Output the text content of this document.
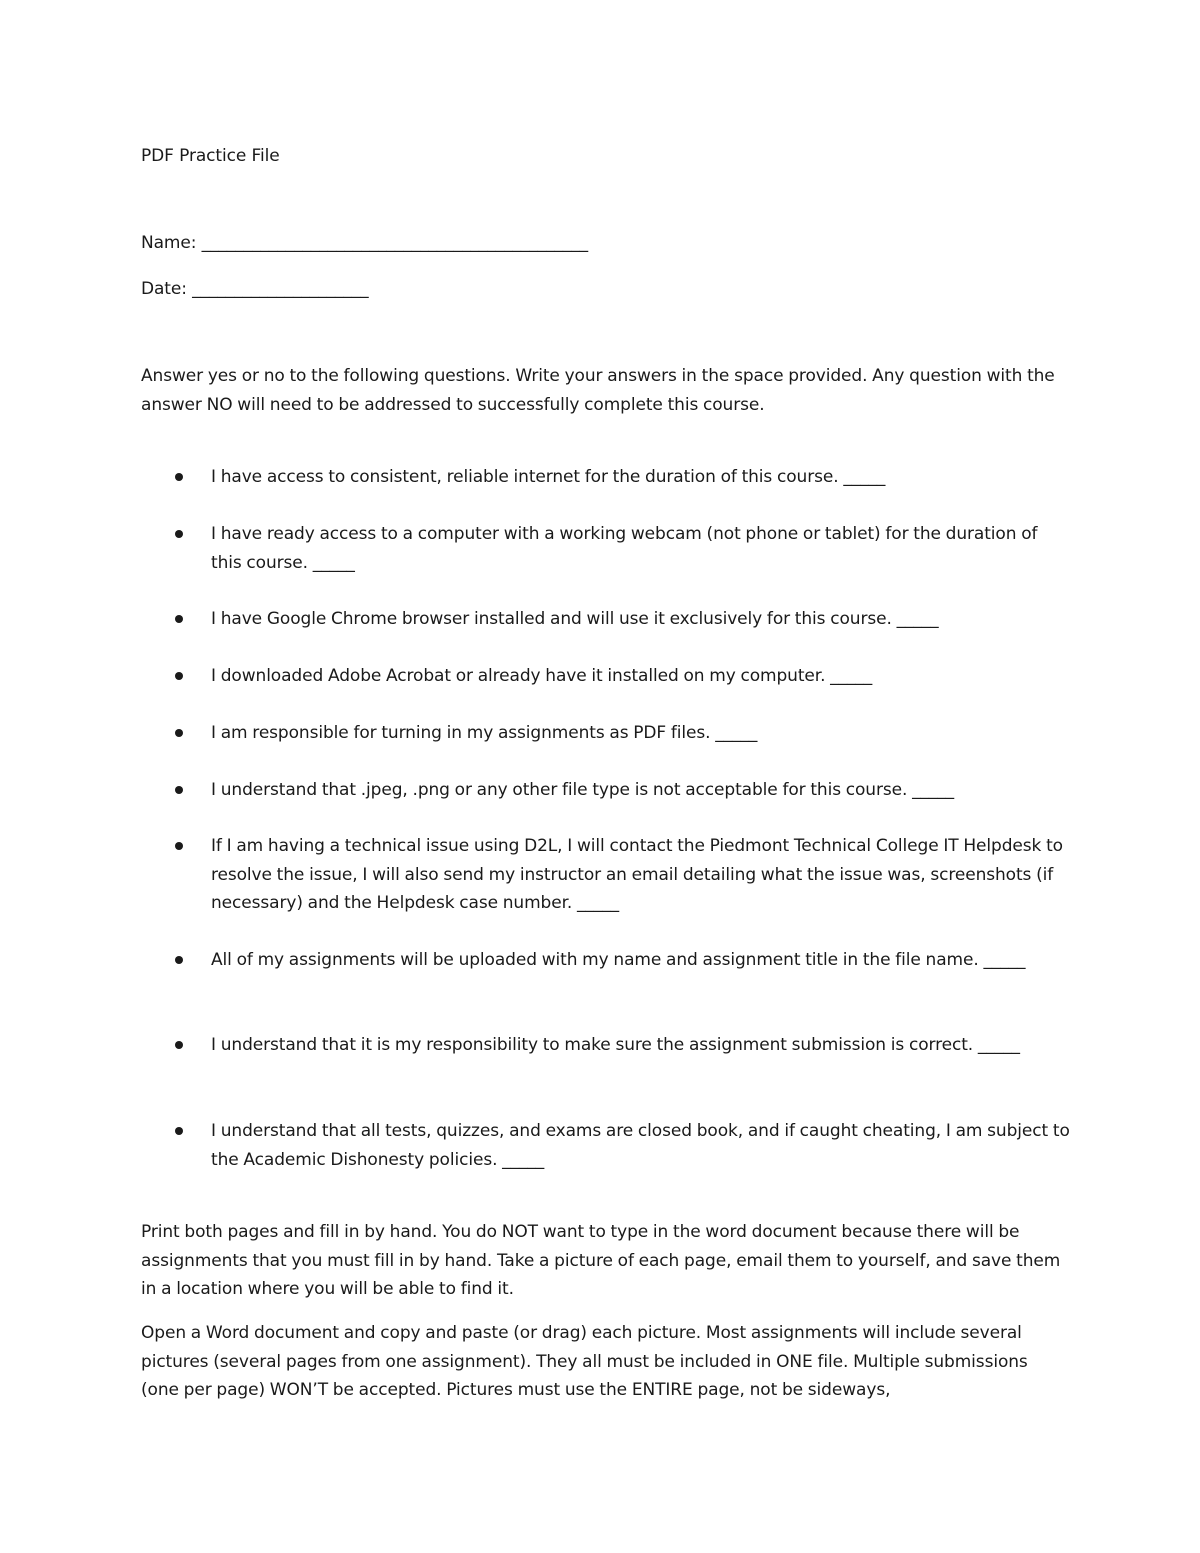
PDF Practice File
Name: ______________________________________________
Date: _____________________
Answer yes or no to the following questions. Write your answers in the space provided. Any question with the answer NO will need to be addressed to successfully complete this course.
I have access to consistent, reliable internet for the duration of this course. _____
I have ready access to a computer with a working webcam (not phone or tablet) for the duration of this course. _____
I have Google Chrome browser installed and will use it exclusively for this course. _____
I downloaded Adobe Acrobat or already have it installed on my computer. _____
I am responsible for turning in my assignments as PDF files. _____
I understand that .jpeg, .png or any other file type is not acceptable for this course. _____
If I am having a technical issue using D2L, I will contact the Piedmont Technical College IT Helpdesk to resolve the issue, I will also send my instructor an email detailing what the issue was, screenshots (if necessary) and the Helpdesk case number. _____
All of my assignments will be uploaded with my name and assignment title in the file name. _____
I understand that it is my responsibility to make sure the assignment submission is correct. _____
I understand that all tests, quizzes, and exams are closed book, and if caught cheating, I am subject to the Academic Dishonesty policies. _____
Print both pages and fill in by hand. You do NOT want to type in the word document because there will be assignments that you must fill in by hand. Take a picture of each page, email them to yourself, and save them in a location where you will be able to find it.
Open a Word document and copy and paste (or drag) each picture. Most assignments will include several pictures (several pages from one assignment). They all must be included in ONE file. Multiple submissions (one per page) WON’T be accepted. Pictures must use the ENTIRE page, not be sideways,
